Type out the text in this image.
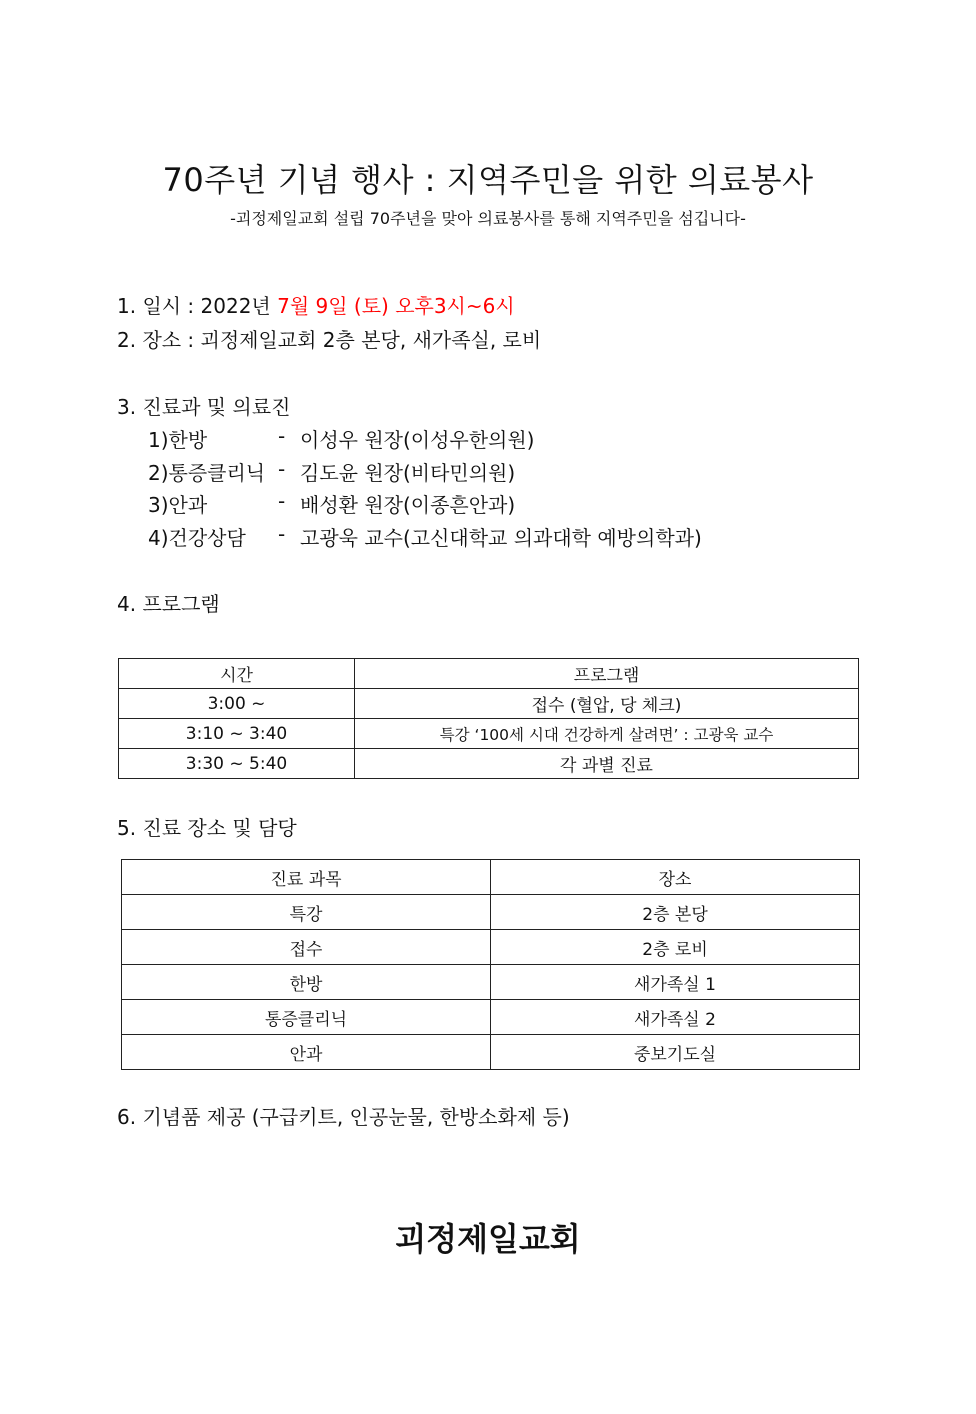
70주년 기념 행사 : 지역주민을 위한 의료봉사
-괴정제일교회 설립 70주년을 맞아 의료봉사를 통해 지역주민을 섬깁니다-
1. 일시 : 2022년 7월 9일 (토) 오후3시~6시
2. 장소 : 괴정제일교회 2층 본당, 새가족실, 로비
3. 진료과 및 의료진
1)한방	- 이성우 원장(이성우한의원)
2)통증클리닉 - 김도윤 원장(비타민의원)
3)안과	- 배성환 원장(이종흔안과)
4)건강상담 - 고광욱 교수(고신대학교 의과대학 예방의학과)
4. 프로그램
시간	프로그램
3:00 ~	접수 (혈압, 당 체크)
3:10 ~ 3:40	특강 ‘100세 시대 건강하게 살려면’ : 고광욱 교수
3:30 ~ 5:40	각 과별 진료
5. 진료 장소 및 담당
진료 과목	장소
특강	2층 본당
접수	2층 로비
한방	새가족실 1
통증클리닉	새가족실 2
안과	중보기도실
6. 기념품 제공 (구급키트, 인공눈물, 한방소화제 등)
괴정제일교회
